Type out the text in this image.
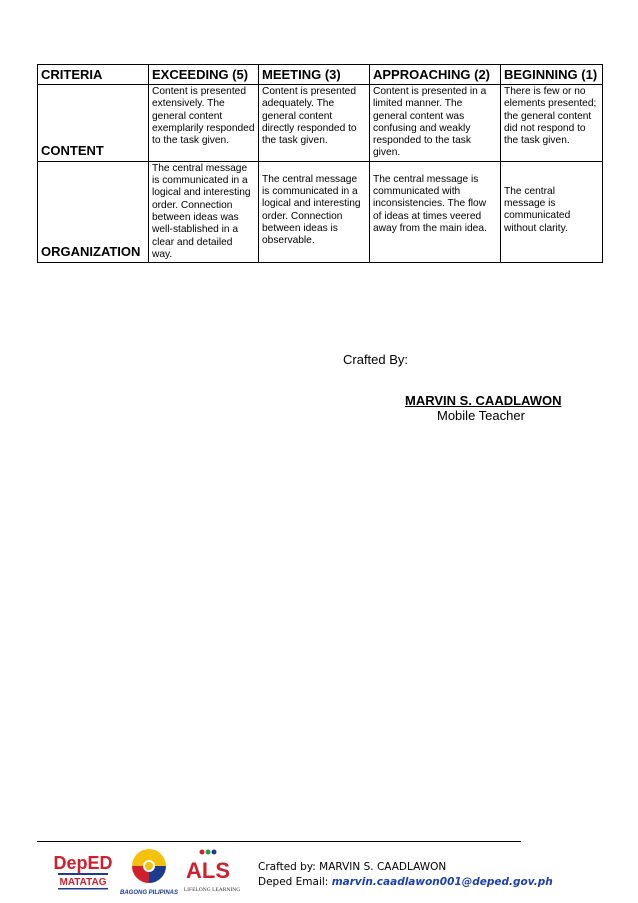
CRITERIA	EXCEEDING (5)	MEETING (3)	APPROACHING (2)	BEGINNING (1)
CONTENT	Content is presented extensively. The general content exemplarily responded to the task given.	Content is presented adequately. The general content directly responded to the task given.	Content is presented in a limited manner. The general content was confusing and weakly responded to the task given.	There is few or no elements presented; the general content did not respond to the task given.
ORGANIZATION	The central message is communicated in a logical and interesting order. Connection between ideas was well-stablished in a clear and detailed way.	The central message is communicated in a logical and interesting order. Connection between ideas is observable.	The central message is communicated with inconsistencies. The flow of ideas at times veered away from the main idea.	The central message is communicated without clarity.
Crafted By:
MARVIN S. CAADLAWON
Mobile Teacher
DepED
MATATAG
BAGONG PILIPINAS
ALS
LIFELONG LEARNING
Crafted by: MARVIN S. CAADLAWON
Deped Email: marvin.caadlawon001@deped.gov.ph
